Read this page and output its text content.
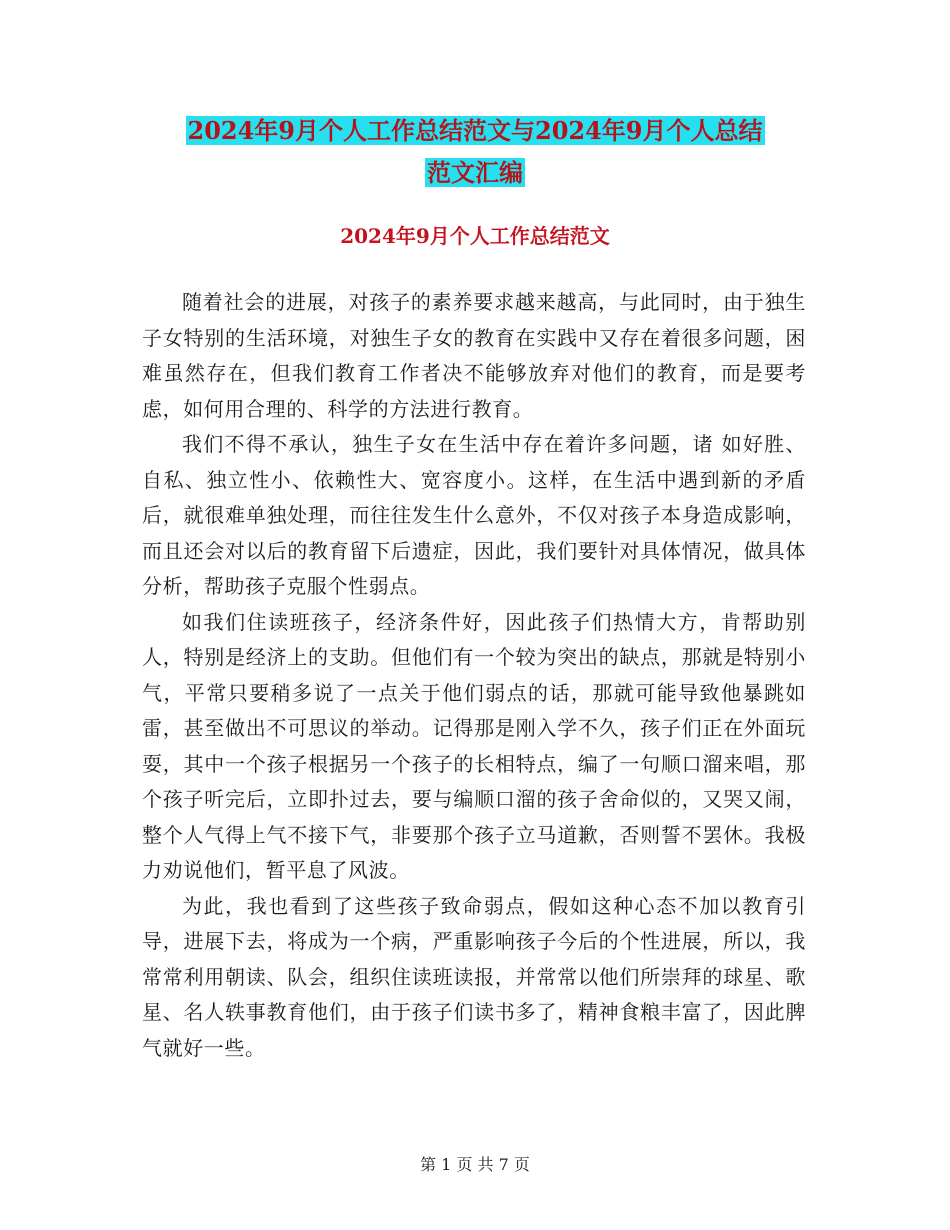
2024年9月个人工作总结范文与2024年9月个人总结
范文汇编
2024年9月个人工作总结范文

随着社会的进展，对孩子的素养要求越来越高，与此同时，由于独生子女特别的生活环境，对独生子女的教育在实践中又存在着很多问题，困难虽然存在，但我们教育工作者决不能够放弃对他们的教育，而是要考虑，如何用合理的、科学的方法进行教育。

我们不得不承认，独生子女在生活中存在着许多问题，诸 如好胜、自私、独立性小、依赖性大、宽容度小。这样，在生活中遇到新的矛盾后，就很难单独处理，而往往发生什么意外，不仅对孩子本身造成影响，而且还会对以后的教育留下后遗症，因此，我们要针对具体情况，做具体分析，帮助孩子克服个性弱点。

如我们住读班孩子，经济条件好，因此孩子们热情大方，肯帮助别人，特别是经济上的支助。但他们有一个较为突出的缺点，那就是特别小气，平常只要稍多说了一点关于他们弱点的话，那就可能导致他暴跳如雷，甚至做出不可思议的举动。记得那是刚入学不久，孩子们正在外面玩耍，其中一个孩子根据另一个孩子的长相特点，编了一句顺口溜来唱，那个孩子听完后，立即扑过去，要与编顺口溜的孩子舍命似的，又哭又闹，整个人气得上气不接下气，非要那个孩子立马道歉，否则誓不罢休。我极力劝说他们，暂平息了风波。

为此，我也看到了这些孩子致命弱点，假如这种心态不加以教育引导，进展下去，将成为一个病，严重影响孩子今后的个性进展，所以，我常常利用朝读、队会，组织住读班读报，并常常以他们所崇拜的球星、歌星、名人轶事教育他们，由于孩子们读书多了，精神食粮丰富了，因此脾气就好一些。

第 1 页 共 7 页
